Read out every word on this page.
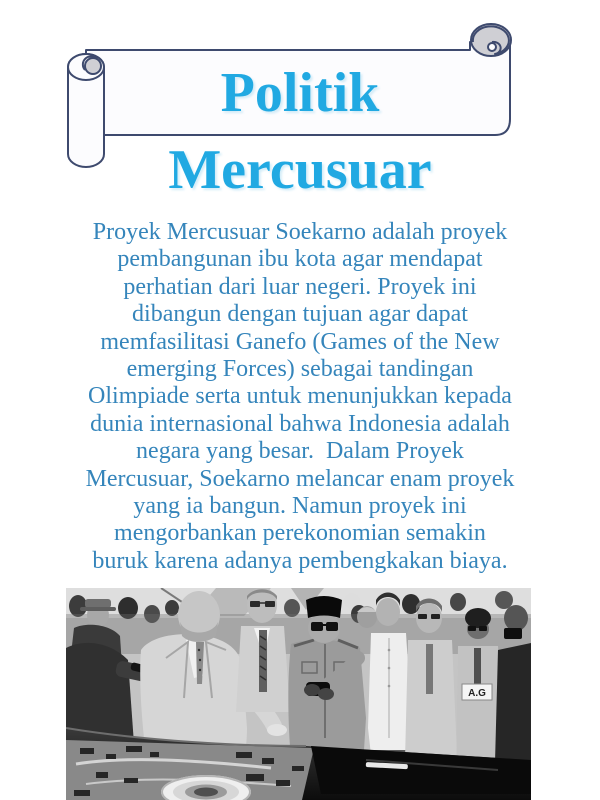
Politik
Mercusuar
Proyek Mercusuar Soekarno adalah proyek
pembangunan ibu kota agar mendapat
perhatian dari luar negeri. Proyek ini
dibangun dengan tujuan agar dapat
memfasilitasi Ganefo (Games of the New
emerging Forces) sebagai tandingan
Olimpiade serta untuk menunjukkan kepada
dunia internasional bahwa Indonesia adalah
negara yang besar.  Dalam Proyek
Mercusuar, Soekarno melancar enam proyek
yang ia bangun. Namun proyek ini
mengorbankan perekonomian semakin
buruk karena adanya pembengkakan biaya.
A.G
